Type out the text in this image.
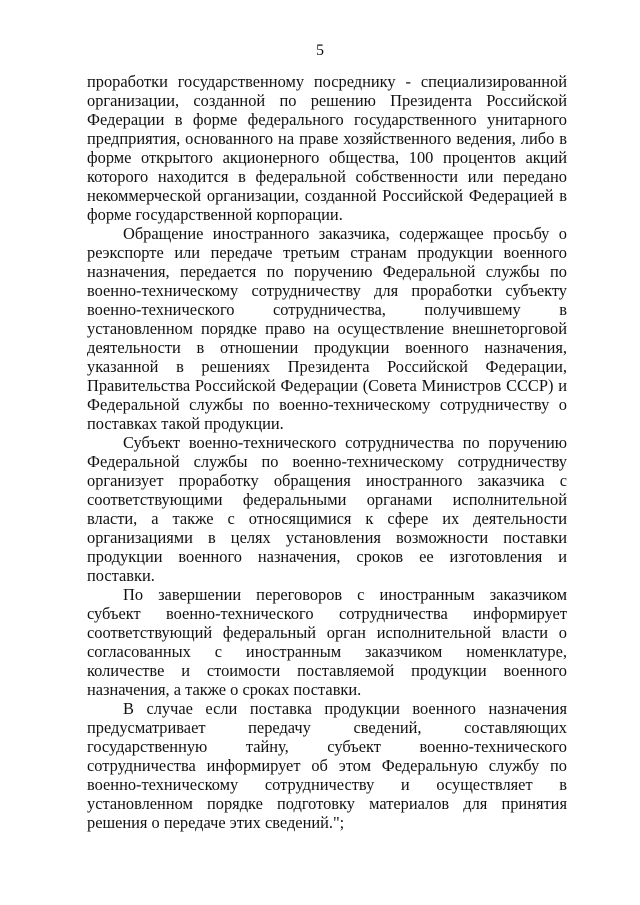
5

проработки государственному посреднику - специализированной организации, созданной по решению Президента Российской Федерации в форме федерального государственного унитарного предприятия, основанного на праве хозяйственного ведения, либо в форме открытого акционерного общества, 100 процентов акций которого находится в федеральной собственности или передано некоммерческой организации, созданной Российской Федерацией в форме государственной корпорации.

Обращение иностранного заказчика, содержащее просьбу о реэкспорте или передаче третьим странам продукции военного назначения, передается по поручению Федеральной службы по военно-техническому сотрудничеству для проработки субъекту военно-технического сотрудничества, получившему в установленном порядке право на осуществление внешнеторговой деятельности в отношении продукции военного назначения, указанной в решениях Президента Российской Федерации, Правительства Российской Федерации (Совета Министров СССР) и Федеральной службы по военно-техническому сотрудничеству о поставках такой продукции.

Субъект военно-технического сотрудничества по поручению Федеральной службы по военно-техническому сотрудничеству организует проработку обращения иностранного заказчика с соответствующими федеральными органами исполнительной власти, а также с относящимися к сфере их деятельности организациями в целях установления возможности поставки продукции военного назначения, сроков ее изготовления и поставки.

По завершении переговоров с иностранным заказчиком субъект военно-технического сотрудничества информирует соответствующий федеральный орган исполнительной власти о согласованных с иностранным заказчиком номенклатуре, количестве и стоимости поставляемой продукции военного назначения, а также о сроках поставки.

В случае если поставка продукции военного назначения предусматривает передачу сведений, составляющих государственную тайну, субъект военно-технического сотрудничества информирует об этом Федеральную службу по военно-техническому сотрудничеству и осуществляет в установленном порядке подготовку материалов для принятия решения о передаче этих сведений.";
